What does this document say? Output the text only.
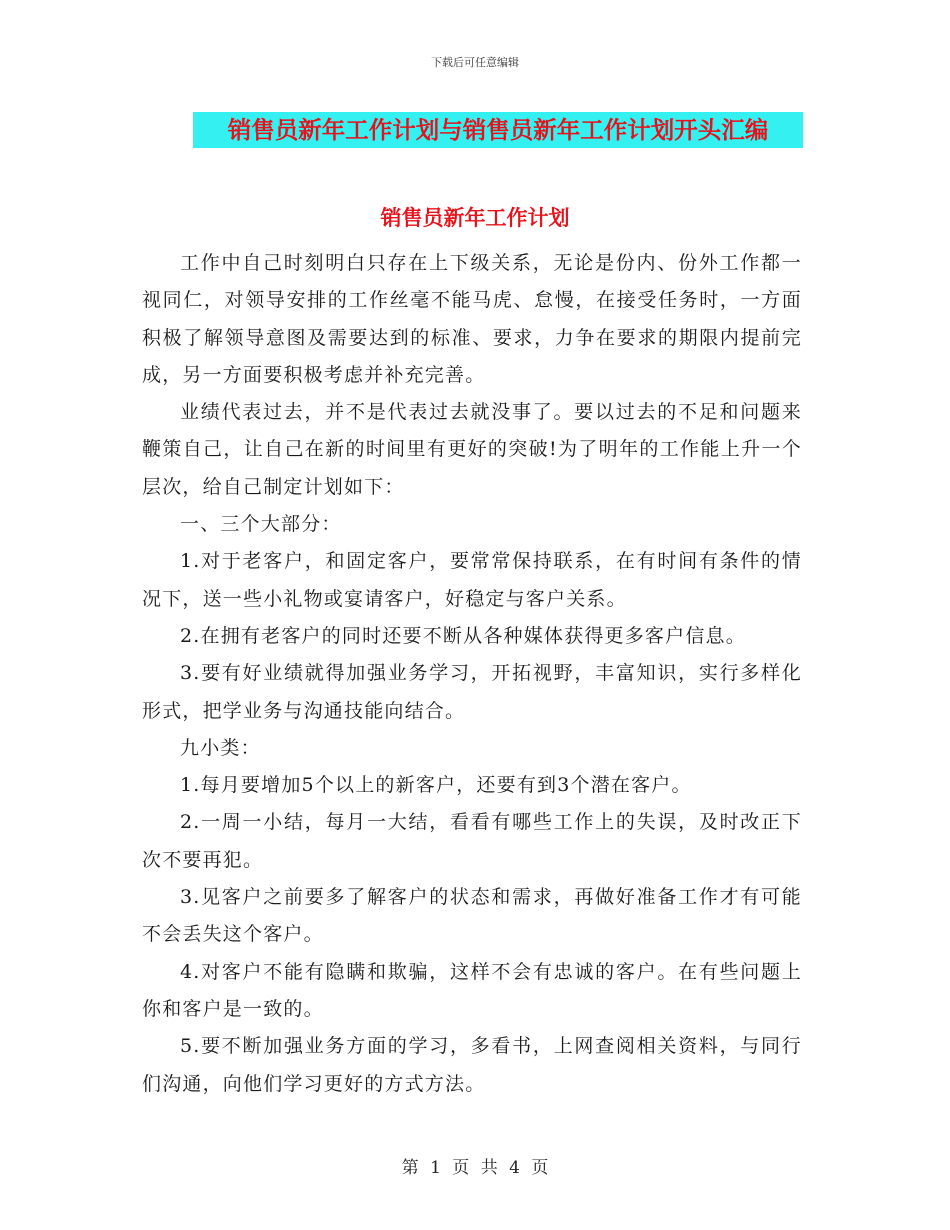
下载后可任意编辑
销售员新年工作计划与销售员新年工作计划开头汇编
销售员新年工作计划

工作中自己时刻明白只存在上下级关系，无论是份内、份外工作都一视同仁，对领导安排的工作丝毫不能马虎、怠慢，在接受任务时，一方面积极了解领导意图及需要达到的标准、要求，力争在要求的期限内提前完成，另一方面要积极考虑并补充完善。

业绩代表过去，并不是代表过去就没事了。要以过去的不足和问题来鞭策自己，让自己在新的时间里有更好的突破!为了明年的工作能上升一个层次，给自己制定计划如下：

一、三个大部分：

1.对于老客户，和固定客户，要常常保持联系，在有时间有条件的情况下，送一些小礼物或宴请客户，好稳定与客户关系。

2.在拥有老客户的同时还要不断从各种媒体获得更多客户信息。

3.要有好业绩就得加强业务学习，开拓视野，丰富知识，实行多样化形式，把学业务与沟通技能向结合。

九小类：

1.每月要增加5个以上的新客户，还要有到3个潜在客户。

2.一周一小结，每月一大结，看看有哪些工作上的失误，及时改正下次不要再犯。

3.见客户之前要多了解客户的状态和需求，再做好准备工作才有可能不会丢失这个客户。

4.对客户不能有隐瞒和欺骗，这样不会有忠诚的客户。在有些问题上你和客户是一致的。

5.要不断加强业务方面的学习，多看书，上网查阅相关资料，与同行们沟通，向他们学习更好的方式方法。

第 1 页 共 4 页
